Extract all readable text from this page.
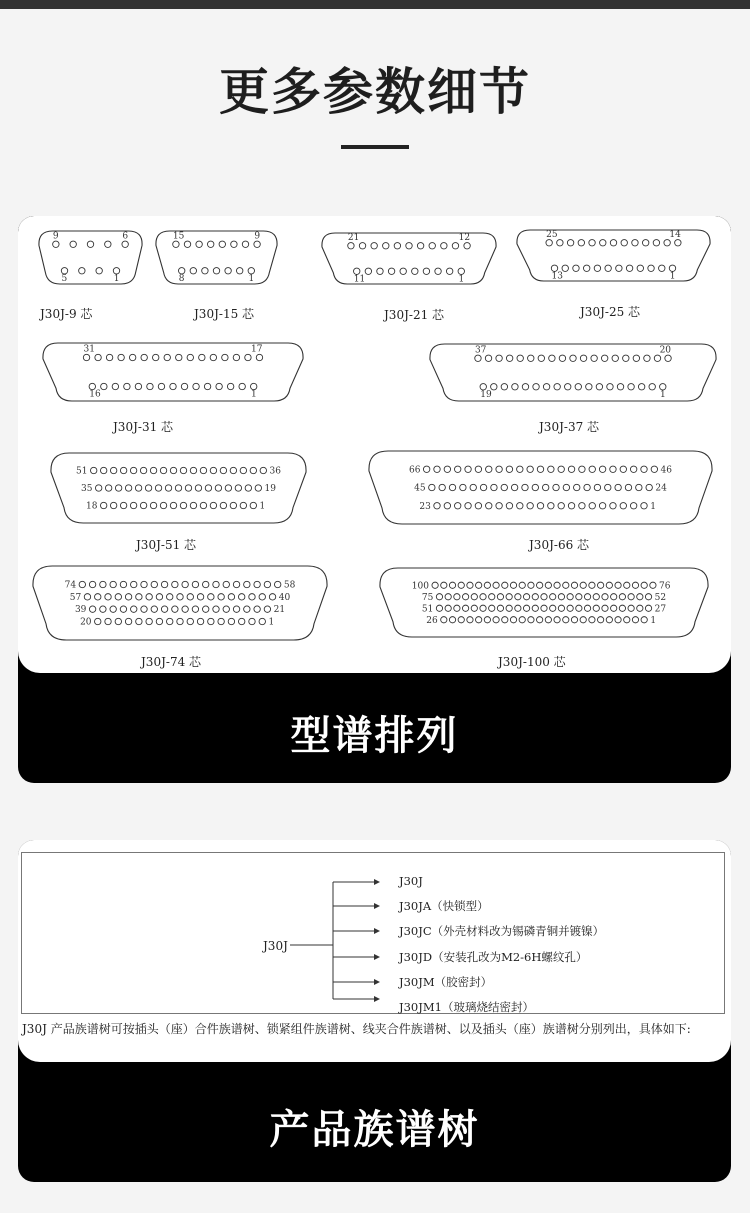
更多参数细节
9	6
5	1
J30J-9 芯
15	9
8	1
J30J-15 芯
21	12
11	1
J30J-21 芯
25	14
13	1
J30J-25 芯
31	17
16	1
J30J-31 芯
37	20
19	1
J30J-37 芯
51	36
35	19
18	1
J30J-51 芯
66	46
45	24
23	1
J30J-66 芯
74	58
57	40
39	21
20	1
J30J-74 芯
100	76
75	52
51	27
26	1
J30J-100 芯
型谱排列
J30J
J30J
J30JA（快锁型）
J30JC（外壳材料改为锡磷青铜并镀镍）
J30JD（安装孔改为M2-6H螺纹孔）
J30JM（胶密封）
J30JM1（玻璃烧结密封）
J30J 产品族谱树可按插头（座）合件族谱树、锁紧组件族谱树、线夹合件族谱树、以及插头（座）族谱树分别列出，具体如下:
产品族谱树
